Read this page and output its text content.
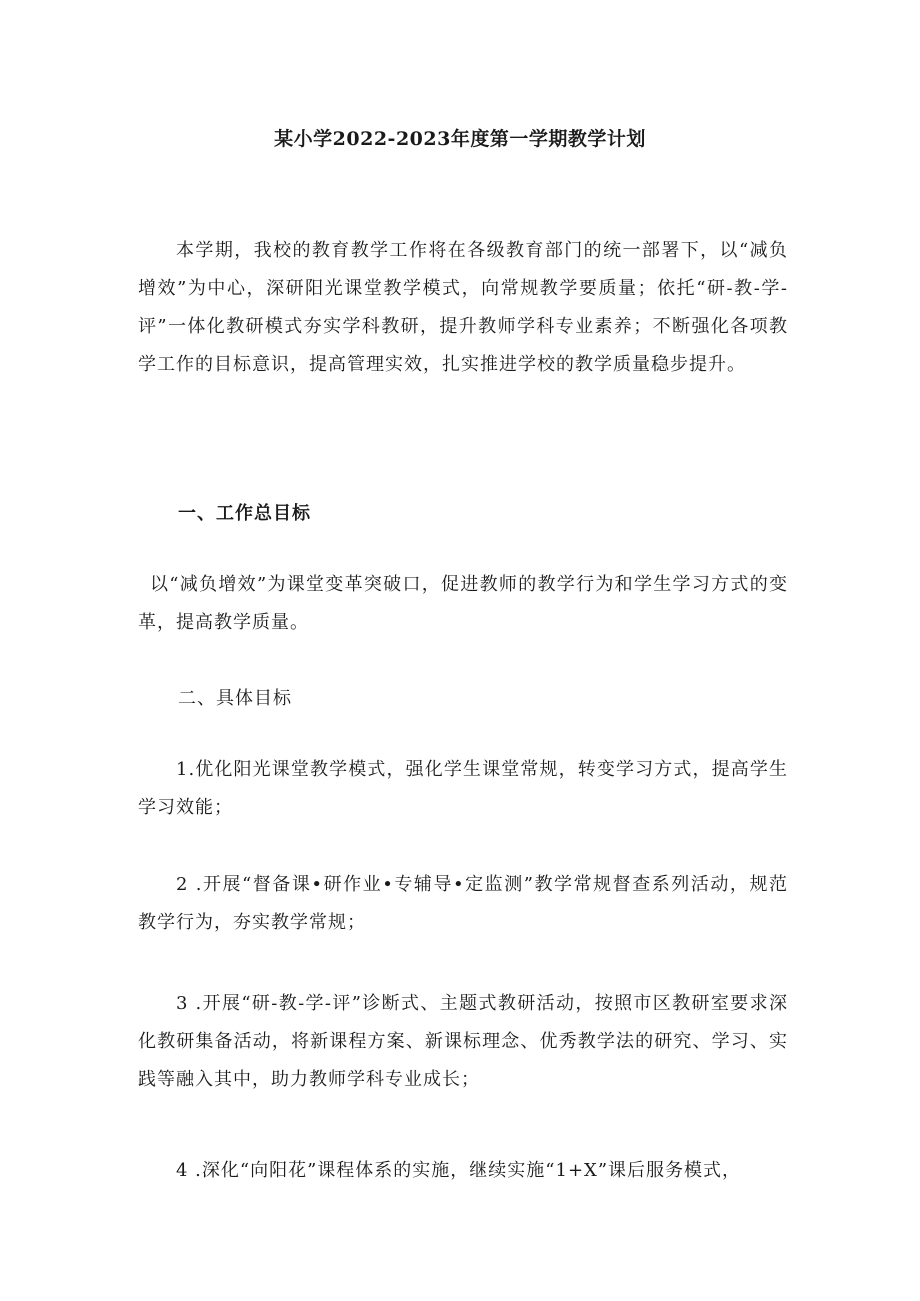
某小学2022-2023年度第一学期教学计划

本学期，我校的教育教学工作将在各级教育部门的统一部署下，以“减负增效”为中心，深研阳光课堂教学模式，向常规教学要质量；依托“研-教-学-评”一体化教研模式夯实学科教研，提升教师学科专业素养；不断强化各项教学工作的目标意识，提高管理实效，扎实推进学校的教学质量稳步提升。

一、工作总目标

以“减负增效”为课堂变革突破口，促进教师的教学行为和学生学习方式的变革，提高教学质量。

二、具体目标

1.优化阳光课堂教学模式，强化学生课堂常规，转变学习方式，提高学生学习效能；

2 .开展“督备课•研作业•专辅导•定监测”教学常规督查系列活动，规范教学行为，夯实教学常规；

3 .开展“研-教-学-评”诊断式、主题式教研活动，按照市区教研室要求深化教研集备活动，将新课程方案、新课标理念、优秀教学法的研究、学习、实践等融入其中，助力教师学科专业成长；

4 .深化“向阳花”课程体系的实施，继续实施“1+X”课后服务模式，
